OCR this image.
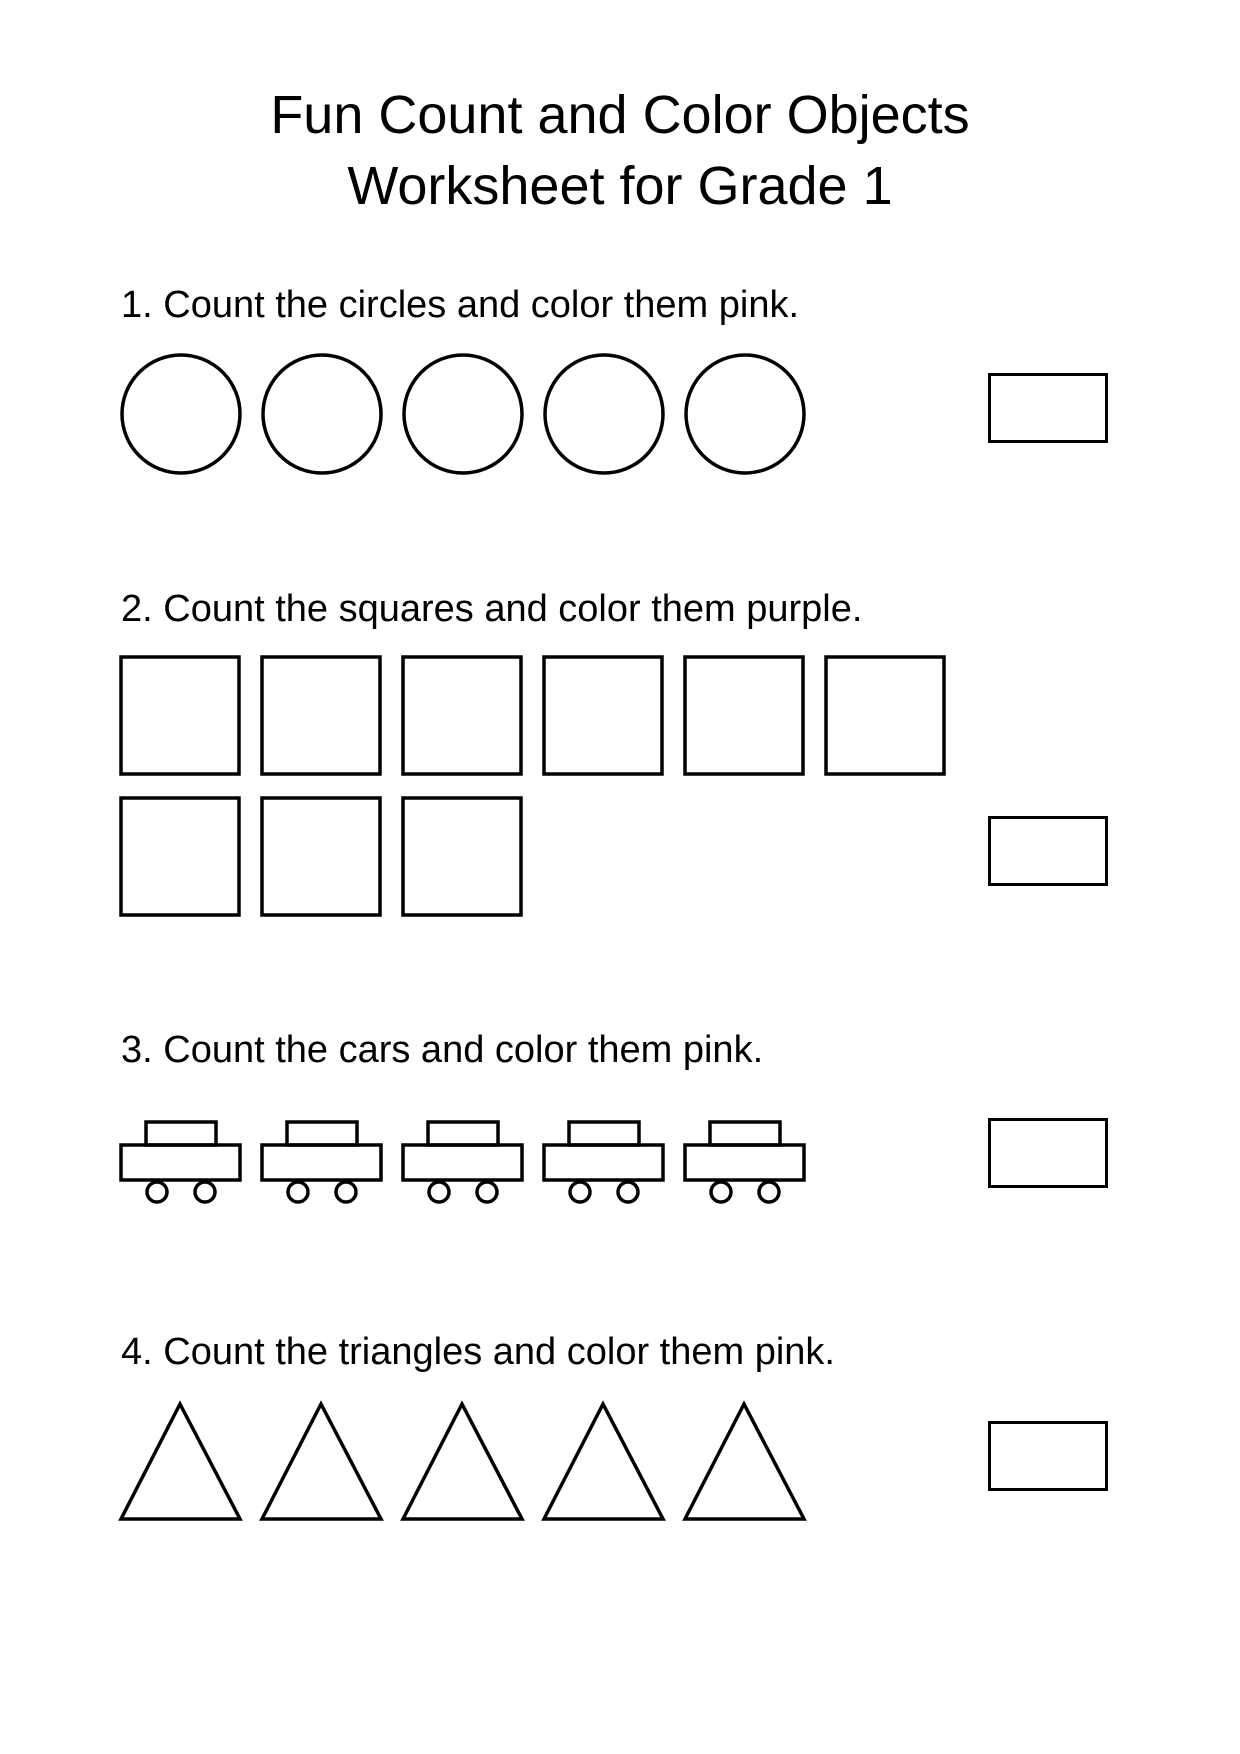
Fun Count and Color Objects
Worksheet for Grade 1
1. Count the circles and color them pink.
2. Count the squares and color them purple.
3. Count the cars and color them pink.
4. Count the triangles and color them pink.
